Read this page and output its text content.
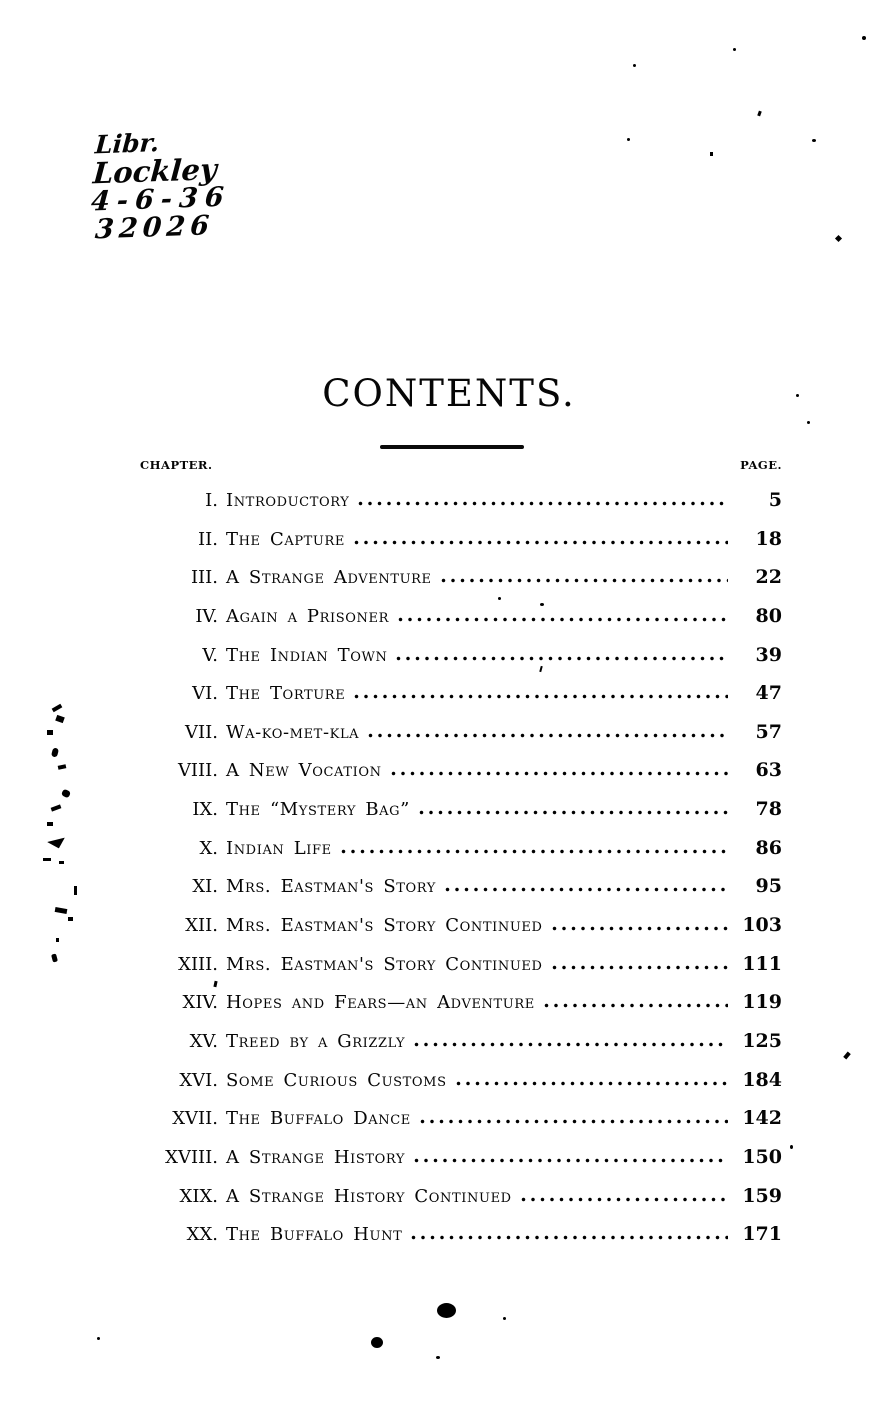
Libr.
Lockley
4-6-36
32026
CONTENTS.
CHAPTER.	PAGE.
I. Introductory	5
II. The Capture	18
III. A Strange Adventure	22
IV. Again a Prisoner	80
V. The Indian Town	39
VI. The Torture	47
VII. Wa-ko-met-kla	57
VIII. A New Vocation	63
IX. The “Mystery Bag”	78
X. Indian Life	86
XI. Mrs. Eastman's Story	95
XII. Mrs. Eastman's Story Continued	103
XIII. Mrs. Eastman's Story Continued	111
XIV. Hopes and Fears—an Adventure	119
XV. Treed by a Grizzly	125
XVI. Some Curious Customs	184
XVII. The Buffalo Dance	142
XVIII. A Strange History	150
XIX. A Strange History Continued	159
XX. The Buffalo Hunt	171
